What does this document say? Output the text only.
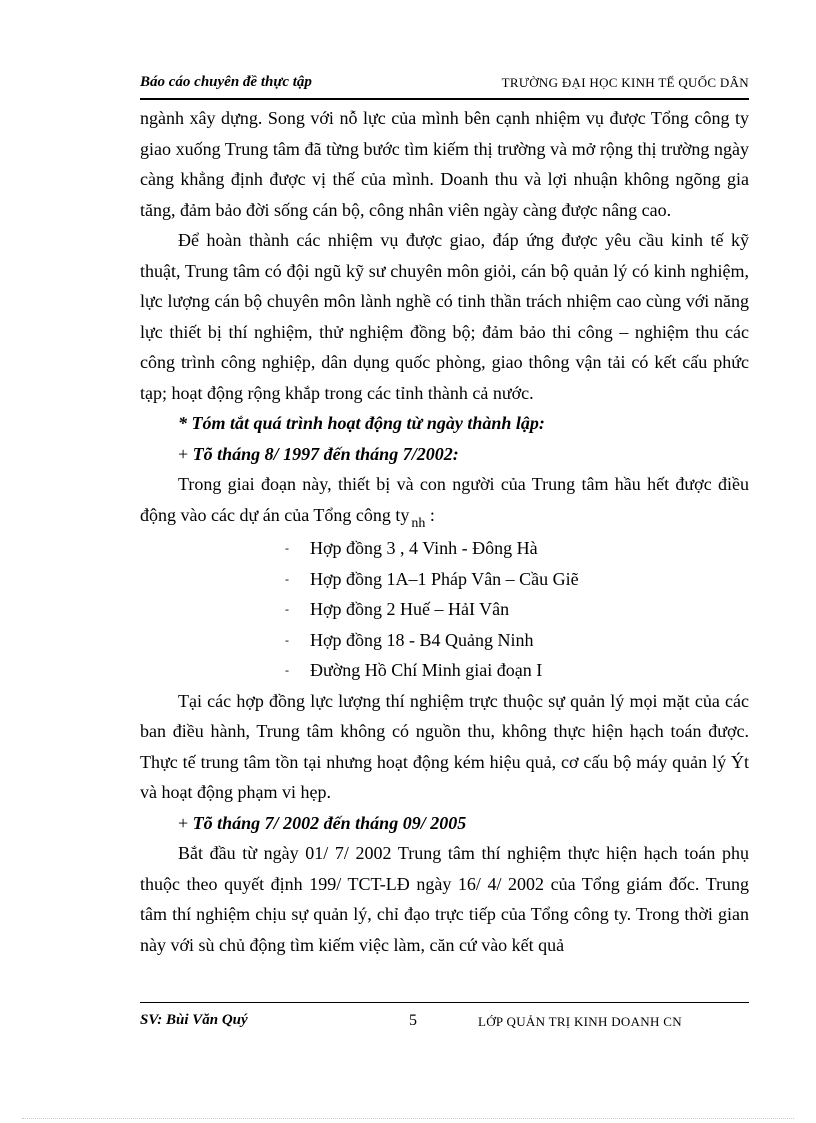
Báo cáo chuyên đề thực tập	TRƯỜNG ĐẠI HỌC KINH TẾ QUỐC DÂN

ngành xây dựng. Song với nỗ lực của mình bên cạnh nhiệm vụ được Tổng công ty giao xuống Trung tâm đã từng bước tìm kiếm thị trường và mở rộng thị trường ngày càng khẳng định được vị thế của mình. Doanh thu và lợi nhuận không ngõng gia tăng, đảm bảo đời sống cán bộ, công nhân viên ngày càng được nâng cao.

Để hoàn thành các nhiệm vụ được giao, đáp ứng được yêu cầu kinh tế kỹ thuật, Trung tâm có đội ngũ kỹ sư chuyên môn giỏi, cán bộ quản lý có kinh nghiệm, lực lượng cán bộ chuyên môn lành nghề có tinh thần trách nhiệm cao cùng với năng lực thiết bị thí nghiệm, thử nghiệm đồng bộ; đảm bảo thi công – nghiệm thu các công trình công nghiệp, dân dụng quốc phòng, giao thông vận tải có kết cấu phức tạp; hoạt động rộng khắp trong các tỉnh thành cả nước.

* Tóm tắt quá trình hoạt động từ ngày thành lập:

+ Tõ tháng 8/ 1997 đến tháng 7/2002:

Trong giai đoạn này, thiết bị và con người của Trung tâm hầu hết được điều động vào các dự án của Tổng công ty $_{nh}$ :

- Hợp đồng 3 , 4 Vinh - Đông Hà
- Hợp đồng 1A–1 Pháp Vân – Cầu Giẽ
- Hợp đồng 2 Huế – HảI Vân
- Hợp đồng 18 - B4 Quảng Ninh
- Đường Hồ Chí Minh giai đoạn I

Tại các hợp đồng lực lượng thí nghiệm trực thuộc sự quản lý mọi mặt của các ban điều hành, Trung tâm không có nguồn thu, không thực hiện hạch toán được. Thực tế trung tâm tồn tại nhưng hoạt động kém hiệu quả, cơ cấu bộ máy quản lý Ýt và hoạt động phạm vi hẹp.

+ Tõ tháng 7/ 2002 đến tháng 09/ 2005

Bắt đầu từ ngày 01/ 7/ 2002 Trung tâm thí nghiệm thực hiện hạch toán phụ thuộc theo quyết định 199/ TCT-LĐ ngày 16/ 4/ 2002 của Tổng giám đốc. Trung tâm thí nghiệm chịu sự quản lý, chỉ đạo trực tiếp của Tổng công ty. Trong thời gian này với sù chủ động tìm kiếm việc làm, căn cứ vào kết quả

SV: Bùi Văn Quý	5	LỚP QUẢN TRỊ KINH DOANH CN
